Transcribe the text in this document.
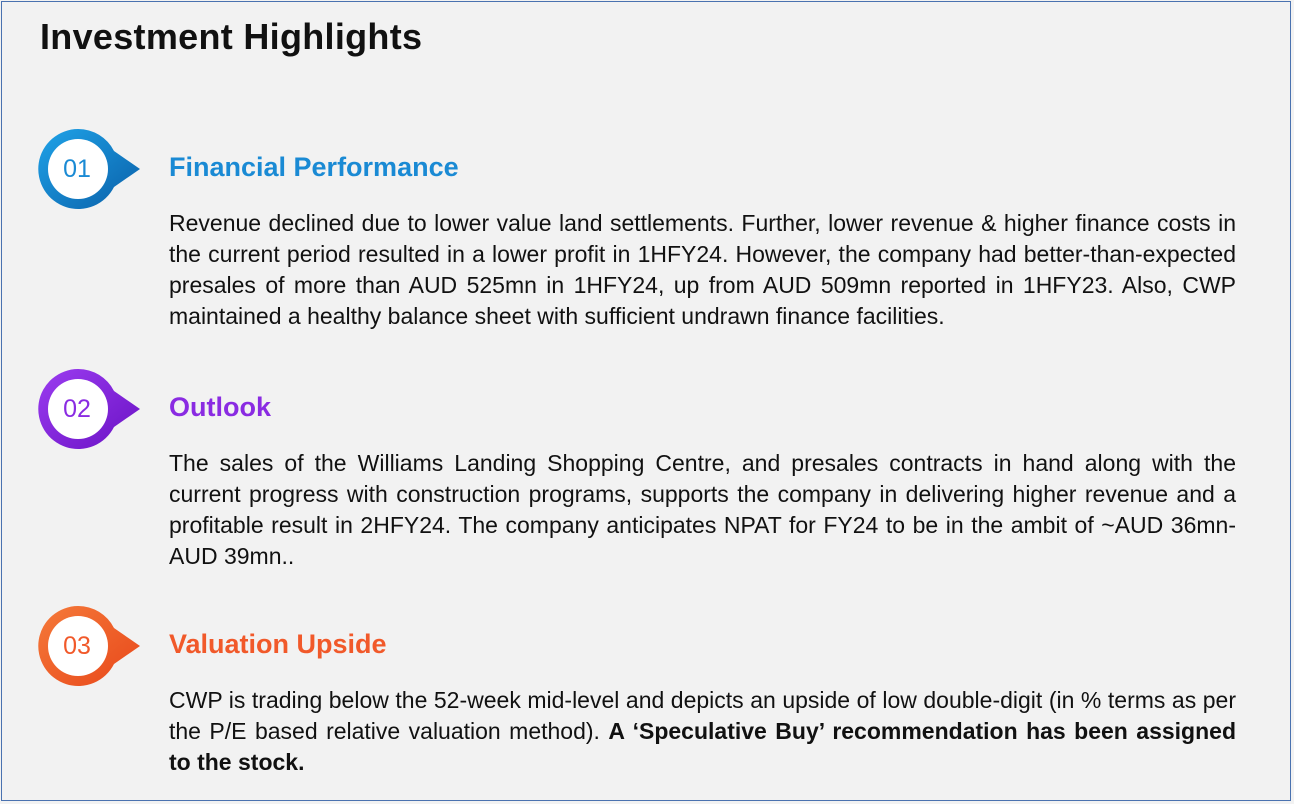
Investment Highlights
01	Financial Performance
Revenue declined due to lower value land settlements. Further, lower revenue & higher finance costs in the current period resulted in a lower profit in 1HFY24. However, the company had better-than-expected presales of more than AUD 525mn in 1HFY24, up from AUD 509mn reported in 1HFY23. Also, CWP maintained a healthy balance sheet with sufficient undrawn finance facilities.
02	Outlook
The sales of the Williams Landing Shopping Centre, and presales contracts in hand along with the current progress with construction programs, supports the company in delivering higher revenue and a profitable result in 2HFY24. The company anticipates NPAT for FY24 to be in the ambit of ~AUD 36mn- AUD 39mn..
03	Valuation Upside
CWP is trading below the 52-week mid-level and depicts an upside of low double-digit (in % terms as per the P/E based relative valuation method). A ‘Speculative Buy’ recommendation has been assigned to the stock.
